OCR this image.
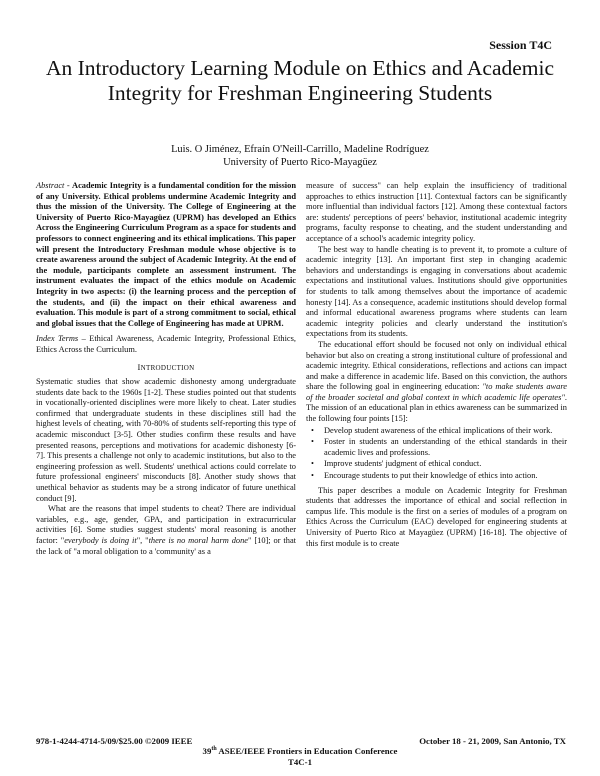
Session T4C
An Introductory Learning Module on Ethics and Academic Integrity for Freshman Engineering Students
Luis. O Jiménez, Efraín O'Neill-Carrillo, Madeline Rodríguez
University of Puerto Rico-Mayagüez

Abstract - Academic Integrity is a fundamental condition for the mission of any University. Ethical problems undermine Academic Integrity and thus the mission of the University. The College of Engineering at the University of Puerto Rico-Mayagüez (UPRM) has developed an Ethics Across the Engineering Curriculum Program as a space for students and professors to connect engineering and its ethical implications. This paper will present the Introductory Freshman module whose objective is to create awareness around the subject of Academic Integrity. At the end of the module, participants complete an assessment instrument. The instrument evaluates the impact of the ethics module on Academic Integrity in two aspects: (i) the learning process and the perception of the students, and (ii) the impact on their ethical awareness and evaluation. This module is part of a strong commitment to social, ethical and global issues that the College of Engineering has made at UPRM.

Index Terms – Ethical Awareness, Academic Integrity, Professional Ethics, Ethics Across the Curriculum.

INTRODUCTION

Systematic studies that show academic dishonesty among undergraduate students date back to the 1960s [1-2]. These studies pointed out that students in vocationally-oriented disciplines were more likely to cheat. Later studies confirmed that undergraduate students in these disciplines still had the highest levels of cheating, with 70-80% of students self-reporting this type of academic misconduct [3-5]. Other studies confirm these results and have presented reasons, perceptions and motivations for academic dishonesty [6-7]. This presents a challenge not only to academic institutions, but also to the engineering profession as well. Students' unethical actions could correlate to future professional engineers' misconducts [8]. Another study shows that unethical behavior as students may be a strong indicator of future unethical conduct [9].

What are the reasons that impel students to cheat? There are individual variables, e.g., age, gender, GPA, and participation in extracurricular activities [6]. Some studies suggest students' moral reasoning is another factor: "everybody is doing it", "there is no moral harm done" [10]; or that the lack of "a moral obligation to a 'community' as a

measure of success" can help explain the insufficiency of traditional approaches to ethics instruction [11]. Contextual factors can be significantly more influential than individual factors [12]. Among these contextual factors are: students' perceptions of peers' behavior, institutional academic integrity programs, faculty response to cheating, and the student understanding and acceptance of a school's academic integrity policy.

The best way to handle cheating is to prevent it, to promote a culture of academic integrity [13]. An important first step in changing academic behaviors and understandings is engaging in conversations about academic expectations and institutional values. Institutions should give opportunities for students to talk among themselves about the importance of academic honesty [14]. As a consequence, academic institutions should develop formal and informal educational awareness programs where students can learn academic integrity policies and clearly understand the institution's expectations from its students.

The educational effort should be focused not only on individual ethical behavior but also on creating a strong institutional culture of professional and academic integrity. Ethical considerations, reflections and actions can impact and make a difference in academic life. Based on this conviction, the authors share the following goal in engineering education: "to make students aware of the broader societal and global context in which academic life operates". The mission of an educational plan in ethics awareness can be summarized in the following four points [15]:

• Develop student awareness of the ethical implications of their work.
• Foster in students an understanding of the ethical standards in their academic lives and professions.
• Improve students' judgment of ethical conduct.
• Encourage students to put their knowledge of ethics into action.

This paper describes a module on Academic Integrity for Freshman students that addresses the importance of ethical and social reflection in campus life. This module is the first on a series of modules of a program on Ethics Across the Curriculum (EAC) developed for engineering students at University of Puerto Rico at Mayagüez (UPRM) [16-18]. The objective of this first module is to create

978-1-4244-4714-5/09/$25.00 ©2009 IEEE	October 18 - 21, 2009, San Antonio, TX
39th ASEE/IEEE Frontiers in Education Conference
T4C-1
